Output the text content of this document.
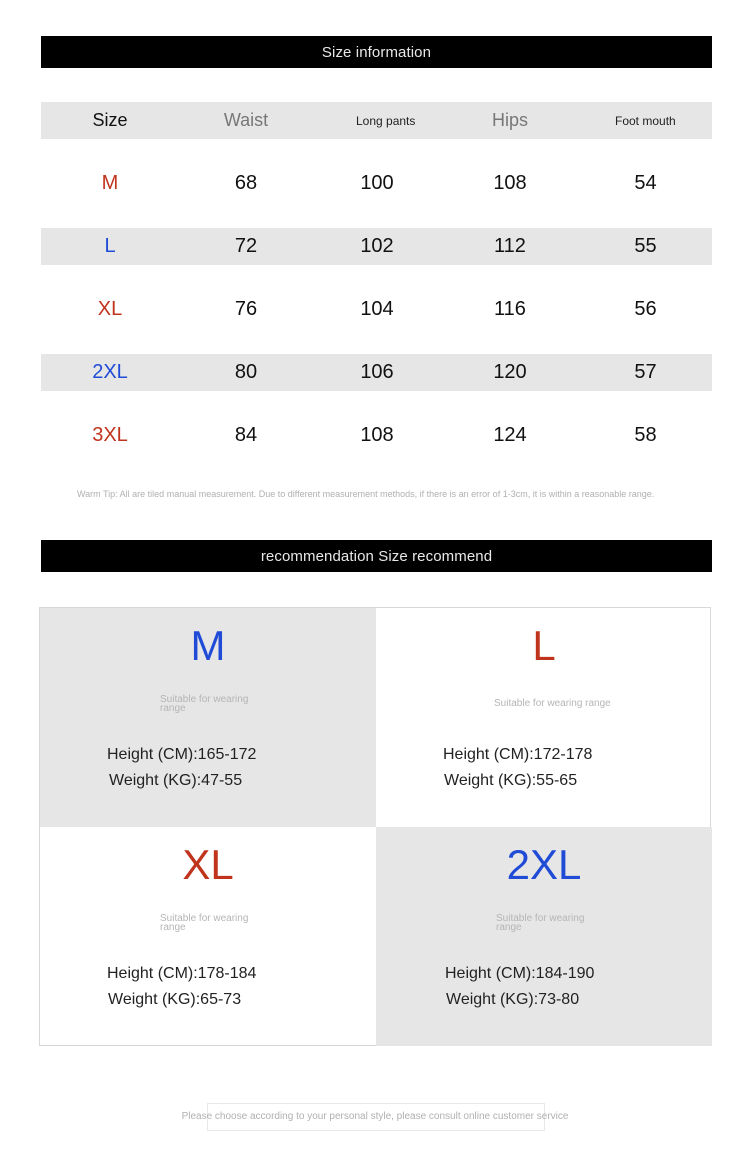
Size information
Size	Waist	Long pants	Hips	Foot mouth
M	68	100	108	54
L	72	102	112	55
XL	76	104	116	56
2XL	80	106	120	57
3XL	84	108	124	58
Warm Tip: All are tiled manual measurement. Due to different measurement methods, if there is an error of 1-3cm, it is within a reasonable range.
recommendation Size recommend
M
Suitable for wearing range
Height (CM):165-172
Weight (KG):47-55
L
Suitable for wearing range
Height (CM):172-178
Weight (KG):55-65
XL
Suitable for wearing range
Height (CM):178-184
Weight (KG):65-73
2XL
Suitable for wearing range
Height (CM):184-190
Weight (KG):73-80
Please choose according to your personal style, please consult online customer service
